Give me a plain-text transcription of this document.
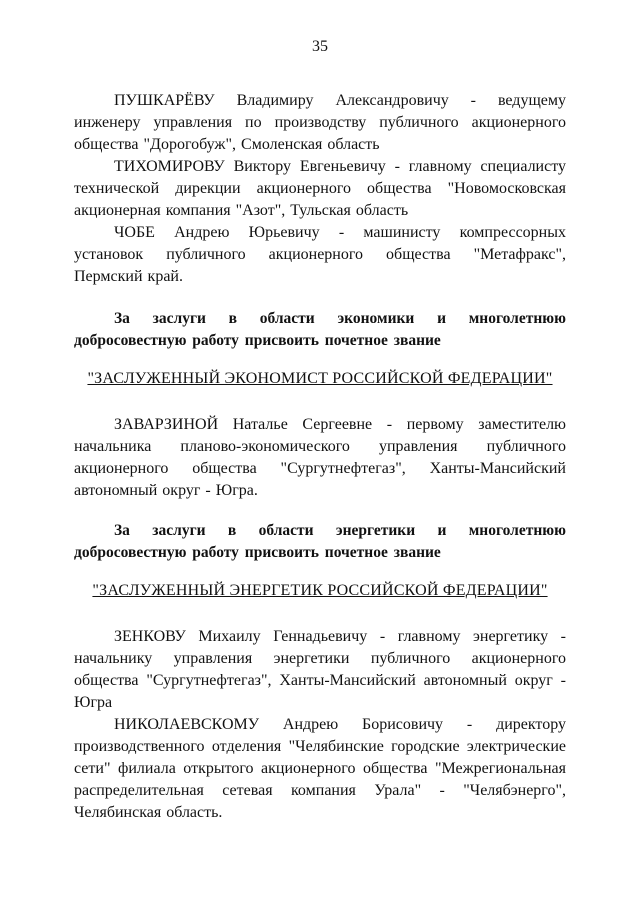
35
ПУШКАРЁВУ Владимиру Александровичу - ведущему инженеру управления по производству публичного акционерного общества "Дорогобуж", Смоленская область
ТИХОМИРОВУ Виктору Евгеньевичу - главному специалисту технической дирекции акционерного общества "Новомосковская акционерная компания "Азот", Тульская область
ЧОБЕ Андрею Юрьевичу - машинисту компрессорных установок публичного акционерного общества "Метафракс", Пермский край.
За заслуги в области экономики и многолетнюю добросовестную работу присвоить почетное звание
"ЗАСЛУЖЕННЫЙ ЭКОНОМИСТ РОССИЙСКОЙ ФЕДЕРАЦИИ"
ЗАВАРЗИНОЙ Наталье Сергеевне - первому заместителю начальника планово-экономического управления публичного акционерного общества "Сургутнефтегаз", Ханты-Мансийский автономный округ - Югра.
За заслуги в области энергетики и многолетнюю добросовестную работу присвоить почетное звание
"ЗАСЛУЖЕННЫЙ ЭНЕРГЕТИК РОССИЙСКОЙ ФЕДЕРАЦИИ"
ЗЕНКОВУ Михаилу Геннадьевичу - главному энергетику - начальнику управления энергетики публичного акционерного общества "Сургутнефтегаз", Ханты-Мансийский автономный округ - Югра
НИКОЛАЕВСКОМУ Андрею Борисовичу - директору производственного отделения "Челябинские городские электрические сети" филиала открытого акционерного общества "Межрегиональная распределительная сетевая компания Урала" - "Челябэнерго", Челябинская область.
